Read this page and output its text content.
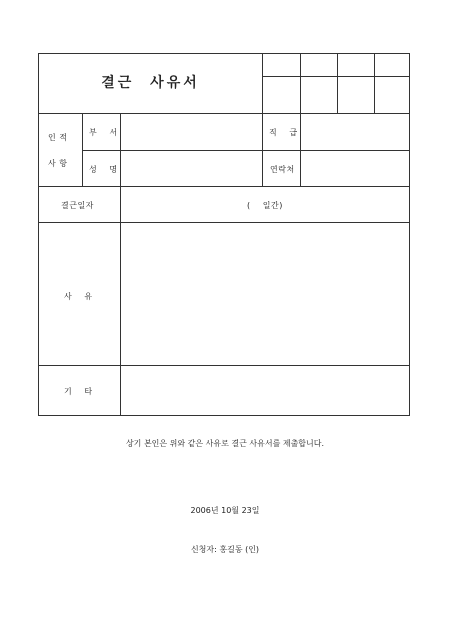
결근 사유서
인 적
사 항
부    서	직    급
성    명	연락처
결근일자	(    일간)
사    유
기    타
상기 본인은 위와 같은 사유로 결근 사유서를 제출합니다.
2006년 10월 23일
신청자: 홍길동 (인)
